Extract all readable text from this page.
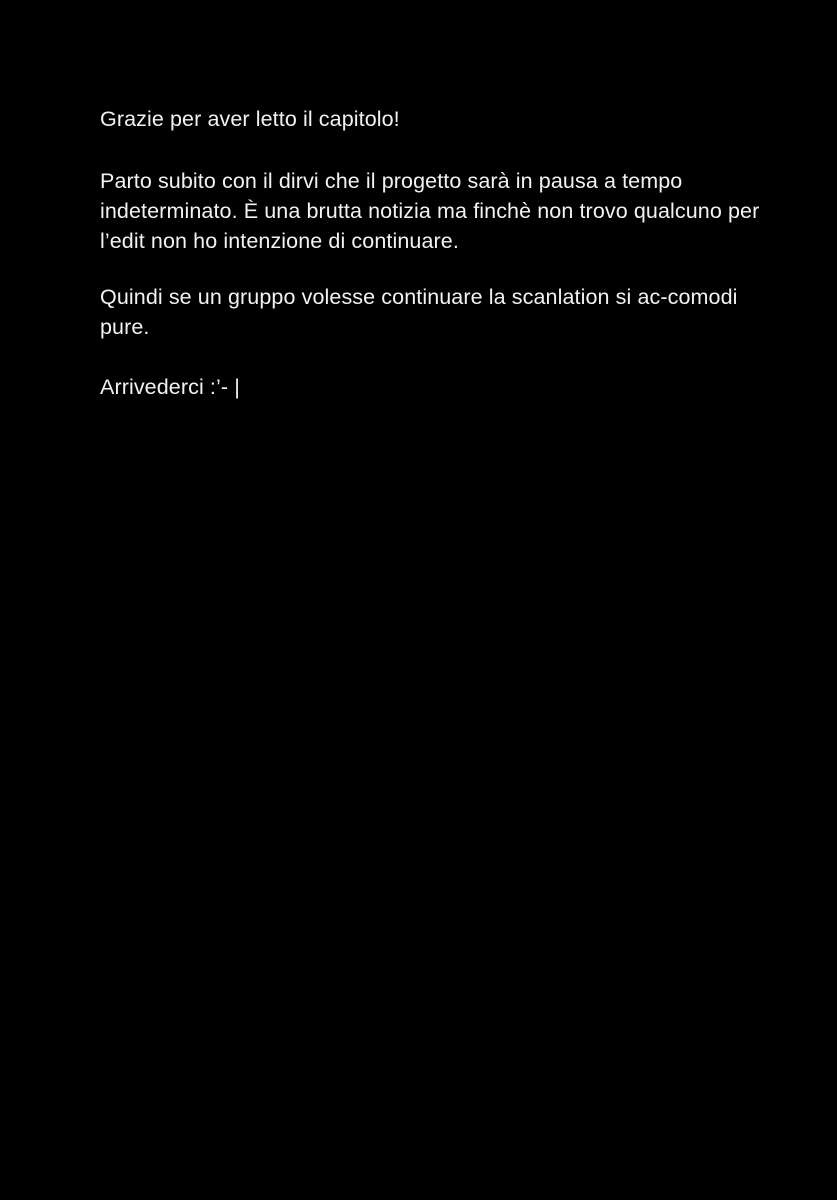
Grazie per aver letto il capitolo!

Parto subito con il dirvi che il progetto sarà in pausa a tempo indeterminato. È una brutta notizia ma finchè non trovo qualcuno per l’edit non ho intenzione di continuare.

Quindi se un gruppo volesse continuare la scanlation si ac-comodi pure.

Arrivederci :’- |
